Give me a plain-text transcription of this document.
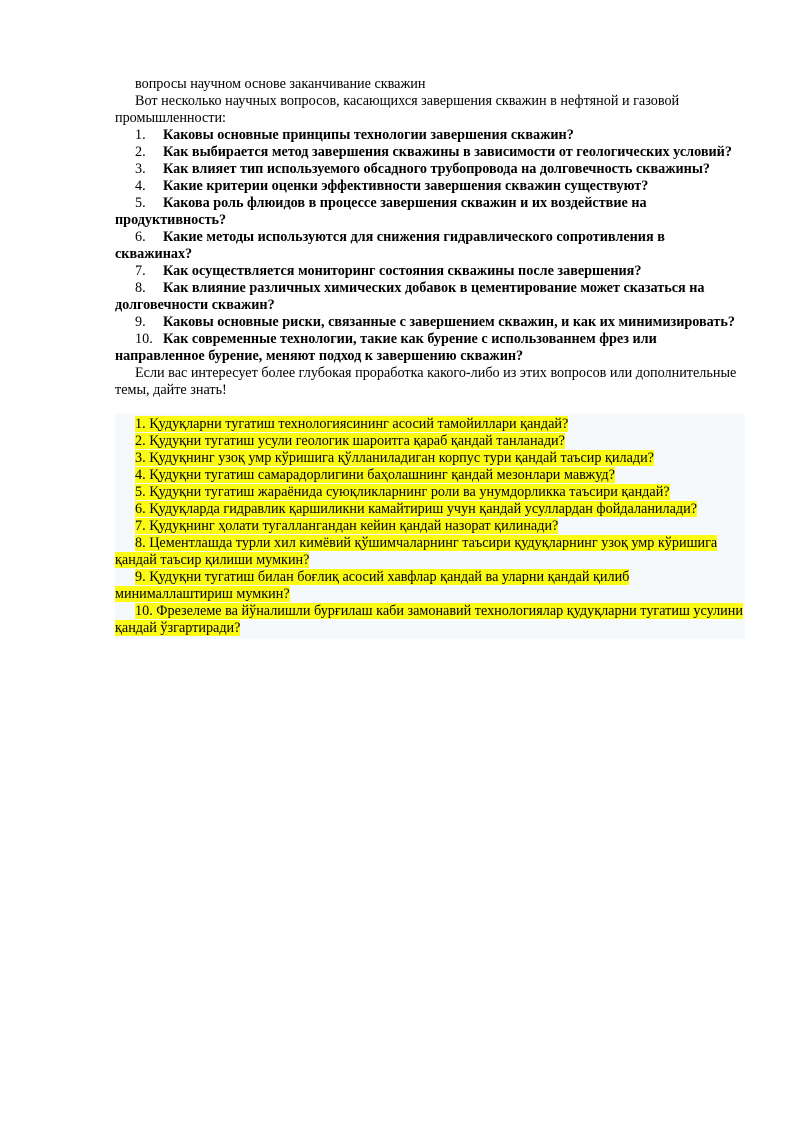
вопросы научном основе заканчивание скважин

Вот несколько научных вопросов, касающихся завершения скважин в нефтяной и газовой промышленности:

1. Каковы основные принципы технологии завершения скважин?
2. Как выбирается метод завершения скважины в зависимости от геологических условий?
3. Как влияет тип используемого обсадного трубопровода на долговечность скважины?
4. Какие критерии оценки эффективности завершения скважин существуют?
5. Какова роль флюидов в процессе завершения скважин и их воздействие на продуктивность?
6. Какие методы используются для снижения гидравлического сопротивления в скважинах?
7. Как осуществляется мониторинг состояния скважины после завершения?
8. Как влияние различных химических добавок в цементирование может сказаться на долговечности скважин?
9. Каковы основные риски, связанные с завершением скважин, и как их минимизировать?
10. Как современные технологии, такие как бурение с использованнем фрез или направленное бурение, меняют подход к завершению скважин?

Если вас интересует более глубокая проработка какого-либо из этих вопросов или дополнительные темы, дайте знать!

1. Қудуқларни тугатиш технологиясининг асосий тамойиллари қандай?
2. Қудуқни тугатиш усули геологик шароитга қараб қандай танланади?
3. Қудуқнинг узоқ умр кўришига қўлланиладиган корпус тури қандай таъсир қилади?
4. Қудуқни тугатиш самарадорлигини баҳолашнинг қандай мезонлари мавжуд?
5. Қудуқни тугатиш жараёнида суюқликларнинг роли ва унумдорликка таъсири қандай?
6. Қудуқларда гидравлик қаршиликни камайтириш учун қандай усуллардан фойдаланилади?
7. Қудуқнинг ҳолати тугаллангандан кейин қандай назорат қилинади?
8. Цементлашда турли хил кимёвий қўшимчаларнинг таъсири қудуқларнинг узоқ умр кўришига қандай таъсир қилиши мумкин?
9. Қудуқни тугатиш билан боғлиқ асосий хавфлар қандай ва уларни қандай қилиб минималлаштириш мумкин?
10. Фрезелеме ва йўналишли бурғилаш каби замонавий технологиялар қудуқларни тугатиш усулини қандай ўзгартиради?
